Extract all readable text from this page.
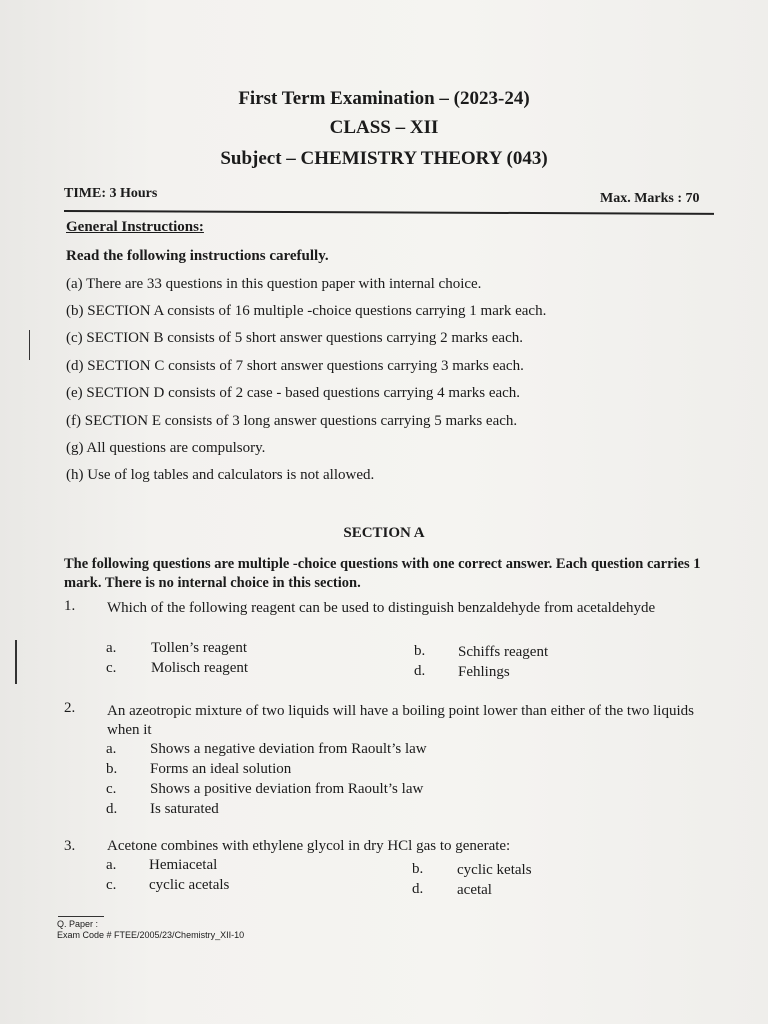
First Term Examination – (2023-24)
CLASS – XII
Subject – CHEMISTRY THEORY (043)
TIME: 3 Hours	Max. Marks : 70
General Instructions:
Read the following instructions carefully.
(a) There are 33 questions in this question paper with internal choice.
(b) SECTION A consists of 16 multiple -choice questions carrying 1 mark each.
(c) SECTION B consists of 5 short answer questions carrying 2 marks each.
(d) SECTION C consists of 7 short answer questions carrying 3 marks each.
(e) SECTION D consists of 2 case - based questions carrying 4 marks each.
(f) SECTION E consists of 3 long answer questions carrying 5 marks each.
(g) All questions are compulsory.
(h) Use of log tables and calculators is not allowed.
SECTION A
The following questions are multiple -choice questions with one correct answer. Each question carries 1 mark. There is no internal choice in this section.
1. Which of the following reagent can be used to distinguish benzaldehyde from acetaldehyde
a. Tollen’s reagent	b. Schiffs reagent
c. Molisch reagent	d. Fehlings
2. An azeotropic mixture of two liquids will have a boiling point lower than either of the two liquids when it
a. Shows a negative deviation from Raoult’s law
b. Forms an ideal solution
c. Shows a positive deviation from Raoult’s law
d. Is saturated
3. Acetone combines with ethylene glycol in dry HCl gas to generate:
a. Hemiacetal	b. cyclic ketals
c. cyclic acetals	d. acetal
Q. Paper :
Exam Code # FTEE/2005/23/Chemistry_XII-10
